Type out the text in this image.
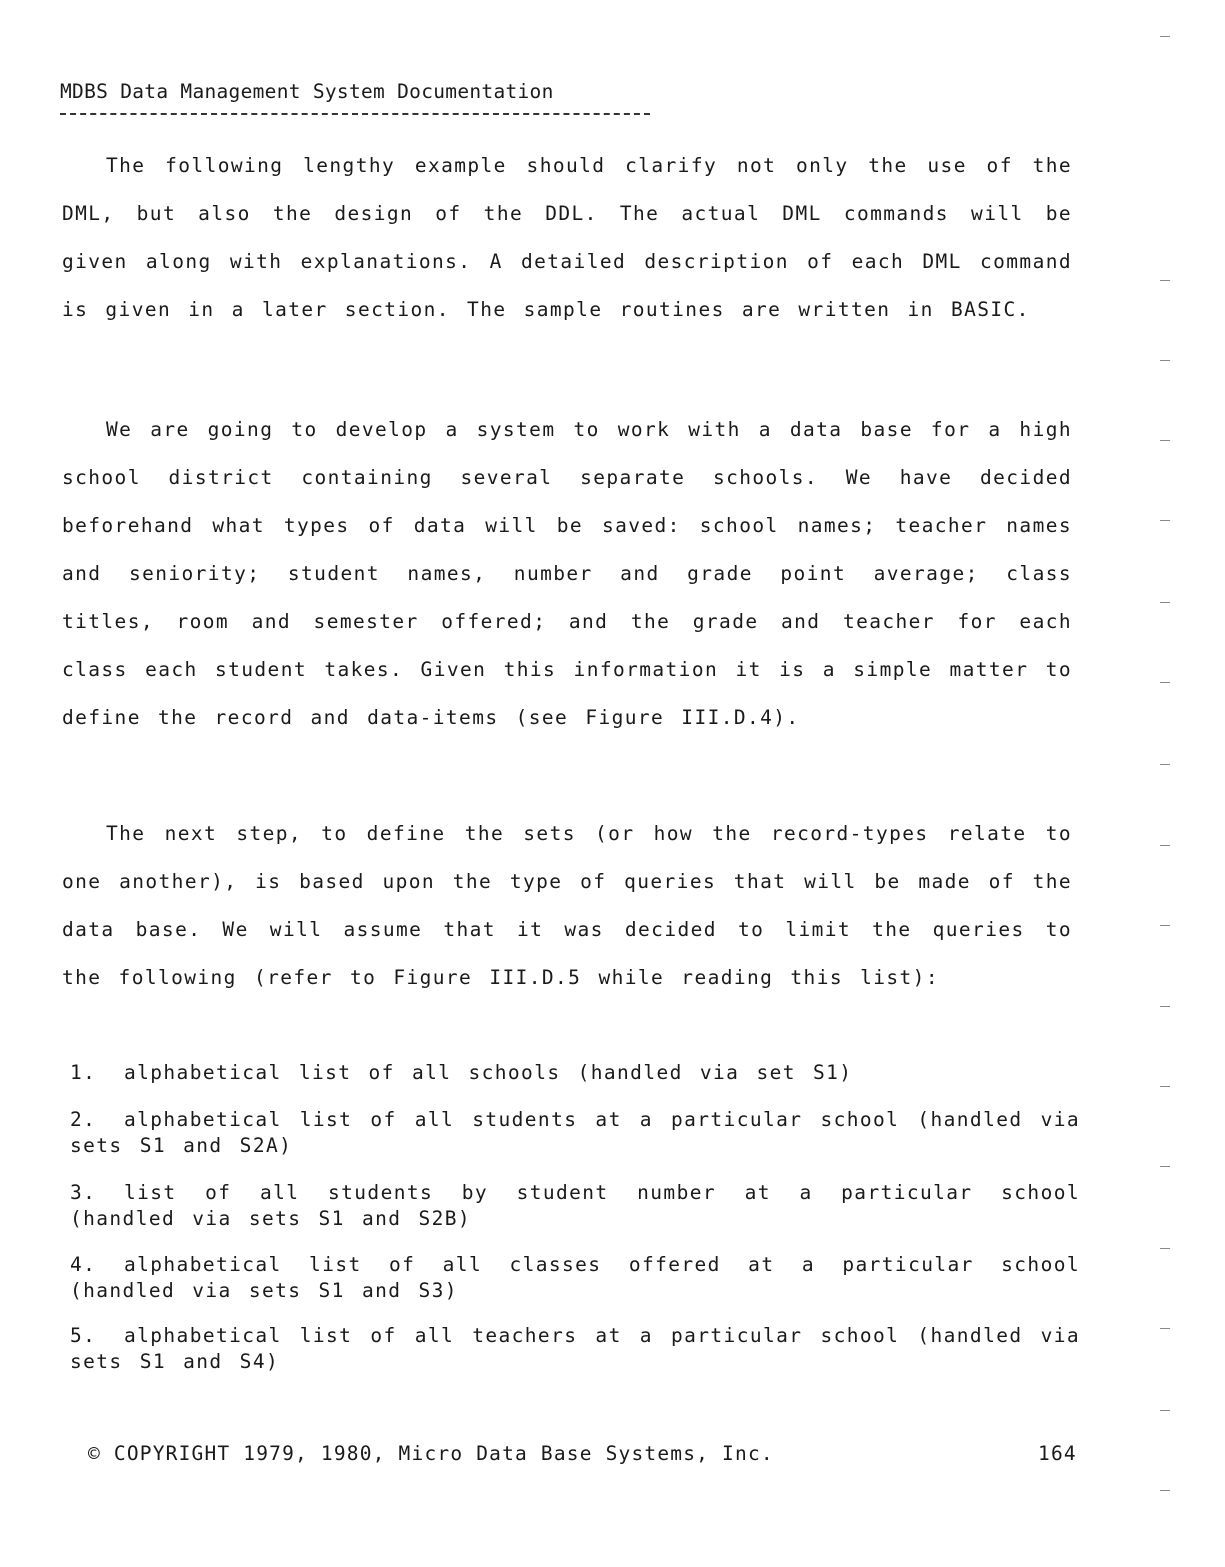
MDBS Data Management System Documentation

The following lengthy example should clarify not only the use of the DML, but also the design of the DDL. The actual DML commands will be given along with explanations. A detailed description of each DML command is given in a later section. The sample routines are written in BASIC.

We are going to develop a system to work with a data base for a high school district containing several separate schools. We have decided beforehand what types of data will be saved: school names; teacher names and seniority; student names, number and grade point average; class titles, room and semester offered; and the grade and teacher for each class each student takes. Given this information it is a simple matter to define the record and data-items (see Figure III.D.4).

The next step, to define the sets (or how the record-types relate to one another), is based upon the type of queries that will be made of the data base. We will assume that it was decided to limit the queries to the following (refer to Figure III.D.5 while reading this list):

1. alphabetical list of all schools (handled via set S1)
2. alphabetical list of all students at a particular school (handled via sets S1 and S2A)
3. list of all students by student number at a particular school (handled via sets S1 and S2B)
4. alphabetical list of all classes offered at a particular school (handled via sets S1 and S3)
5. alphabetical list of all teachers at a particular school (handled via sets S1 and S4)
© COPYRIGHT 1979, 1980, Micro Data Base Systems, Inc.	164
